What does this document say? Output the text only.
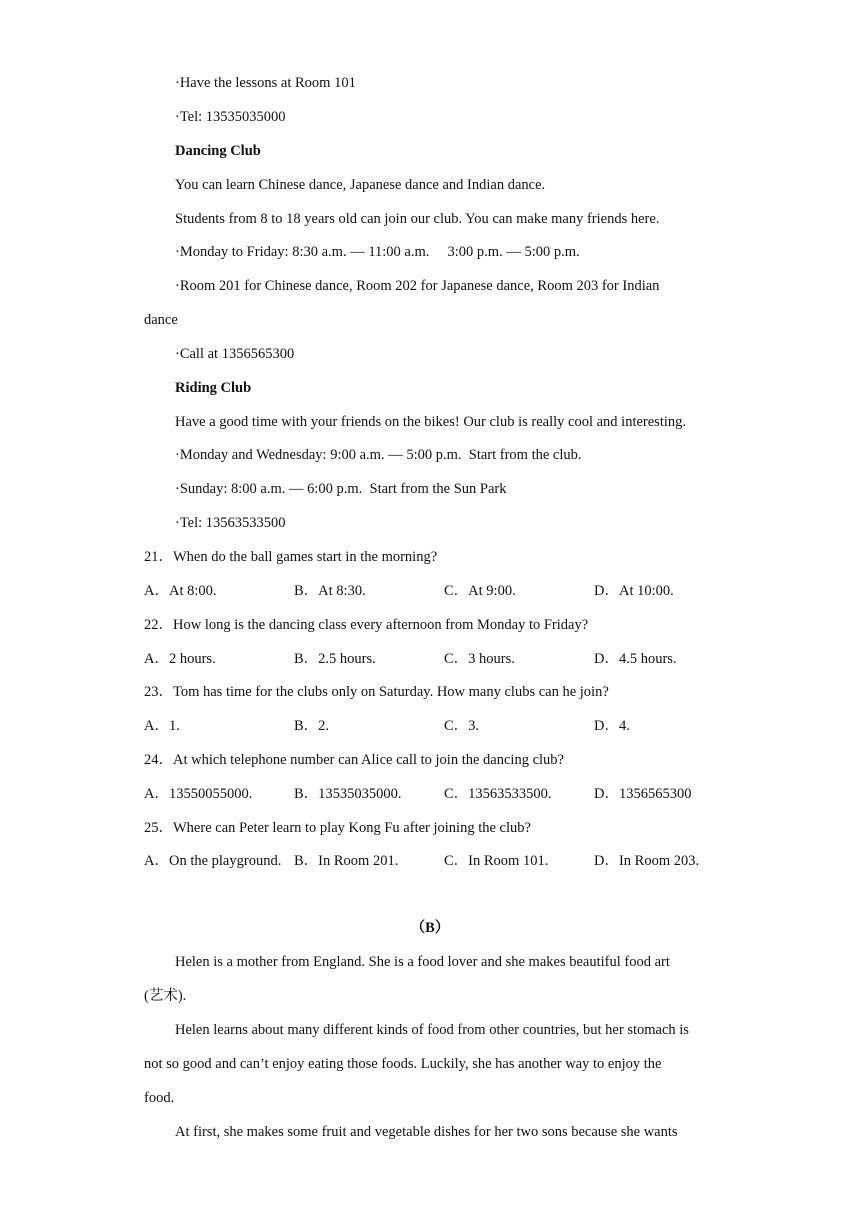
·Have the lessons at Room 101
·Tel: 13535035000
Dancing Club
You can learn Chinese dance, Japanese dance and Indian dance.
Students from 8 to 18 years old can join our club. You can make many friends here.
·Monday to Friday: 8:30 a.m. — 11:00 a.m.     3:00 p.m. — 5:00 p.m.
·Room 201 for Chinese dance, Room 202 for Japanese dance, Room 203 for Indian
dance
·Call at 1356565300
Riding Club
Have a good time with your friends on the bikes! Our club is really cool and interesting.
·Monday and Wednesday: 9:00 a.m. — 5:00 p.m.  Start from the club.
·Sunday: 8:00 a.m. — 6:00 p.m.  Start from the Sun Park
·Tel: 13563533500
21．When do the ball games start in the morning?
A．At 8:00.	B．At 8:30.	C．At 9:00.	D．At 10:00.
22．How long is the dancing class every afternoon from Monday to Friday?
A．2 hours.	B．2.5 hours.	C．3 hours.	D．4.5 hours.
23．Tom has time for the clubs only on Saturday. How many clubs can he join?
A．1.	B．2.	C．3.	D．4.
24．At which telephone number can Alice call to join the dancing club?
A．13550055000.	B．13535035000.	C．13563533500.	D．1356565300
25．Where can Peter learn to play Kong Fu after joining the club?
A．On the playground. B．In Room 201.	C．In Room 101.	D．In Room 203.
（B）
Helen is a mother from England. She is a food lover and she makes beautiful food art
(艺术).
Helen learns about many different kinds of food from other countries, but her stomach is
not so good and can’t enjoy eating those foods. Luckily, she has another way to enjoy the
food.
At first, she makes some fruit and vegetable dishes for her two sons because she wants
